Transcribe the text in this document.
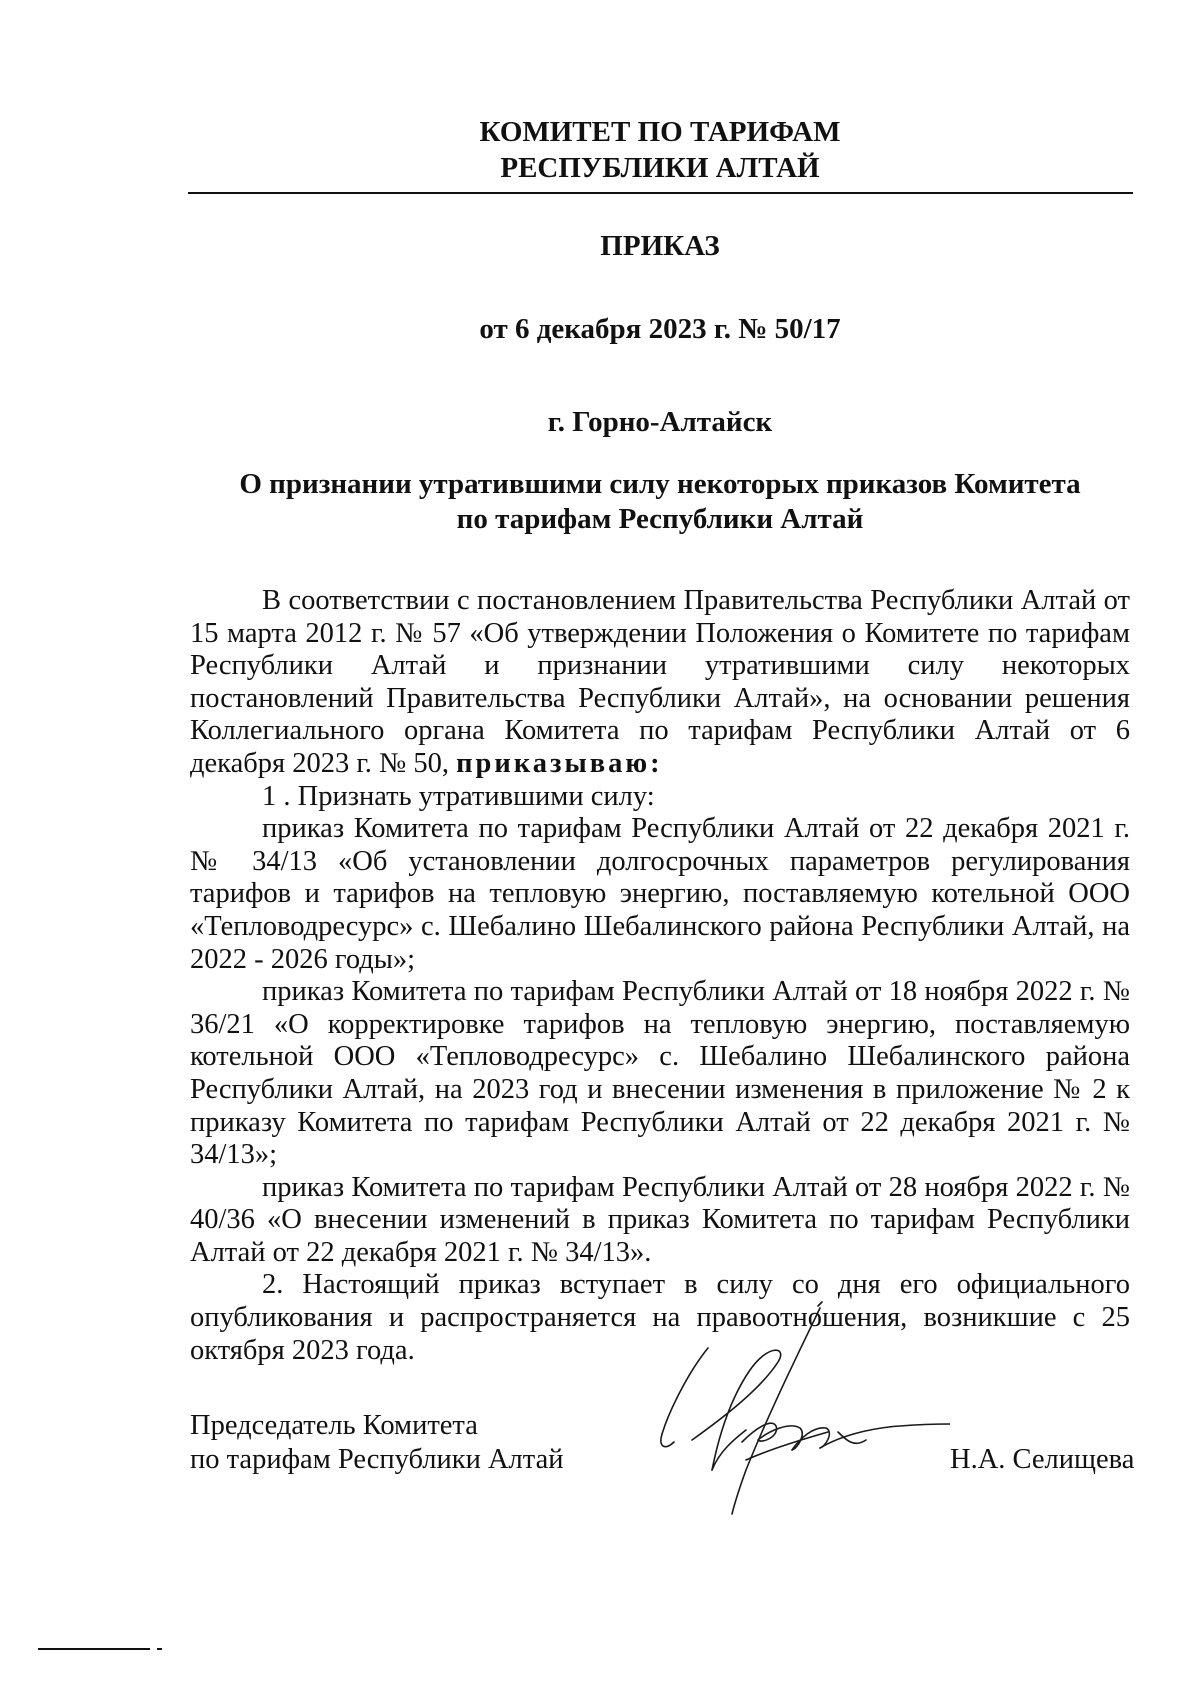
КОМИТЕТ ПО ТАРИФАМ
РЕСПУБЛИКИ АЛТАЙ
ПРИКАЗ
от 6 декабря 2023 г. № 50/17
г. Горно-Алтайск
О признании утратившими силу некоторых приказов Комитета
по тарифам Республики Алтай

В соответствии с постановлением Правительства Республики Алтай от 15 марта 2012 г. № 57 «Об утверждении Положения о Комитете по тарифам Республики Алтай и признании утратившими силу некоторых постановлений Правительства Республики Алтай», на основании решения Коллегиального органа Комитета по тарифам Республики Алтай от 6 декабря 2023 г. № 50, приказываю:

1 . Признать утратившими силу:

приказ Комитета по тарифам Республики Алтай от 22 декабря 2021 г. № 34/13 «Об установлении долгосрочных параметров регулирования тарифов и тарифов на тепловую энергию, поставляемую котельной ООО «Тепловодресурс» с. Шебалино Шебалинского района Республики Алтай, на 2022 - 2026 годы»;

приказ Комитета по тарифам Республики Алтай от 18 ноября 2022 г. № 36/21 «О корректировке тарифов на тепловую энергию, поставляемую котельной ООО «Тепловодресурс» с. Шебалино Шебалинского района Республики Алтай, на 2023 год и внесении изменения в приложение № 2 к приказу Комитета по тарифам Республики Алтай от 22 декабря 2021 г. № 34/13»;

приказ Комитета по тарифам Республики Алтай от 28 ноября 2022 г. № 40/36 «О внесении изменений в приказ Комитета по тарифам Республики Алтай от 22 декабря 2021 г. № 34/13».

2. Настоящий приказ вступает в силу со дня его официального опубликования и распространяется на правоотношения, возникшие с 25 октября 2023 года.

Председатель Комитета
по тарифам Республики Алтай	Н.А. Селищева
